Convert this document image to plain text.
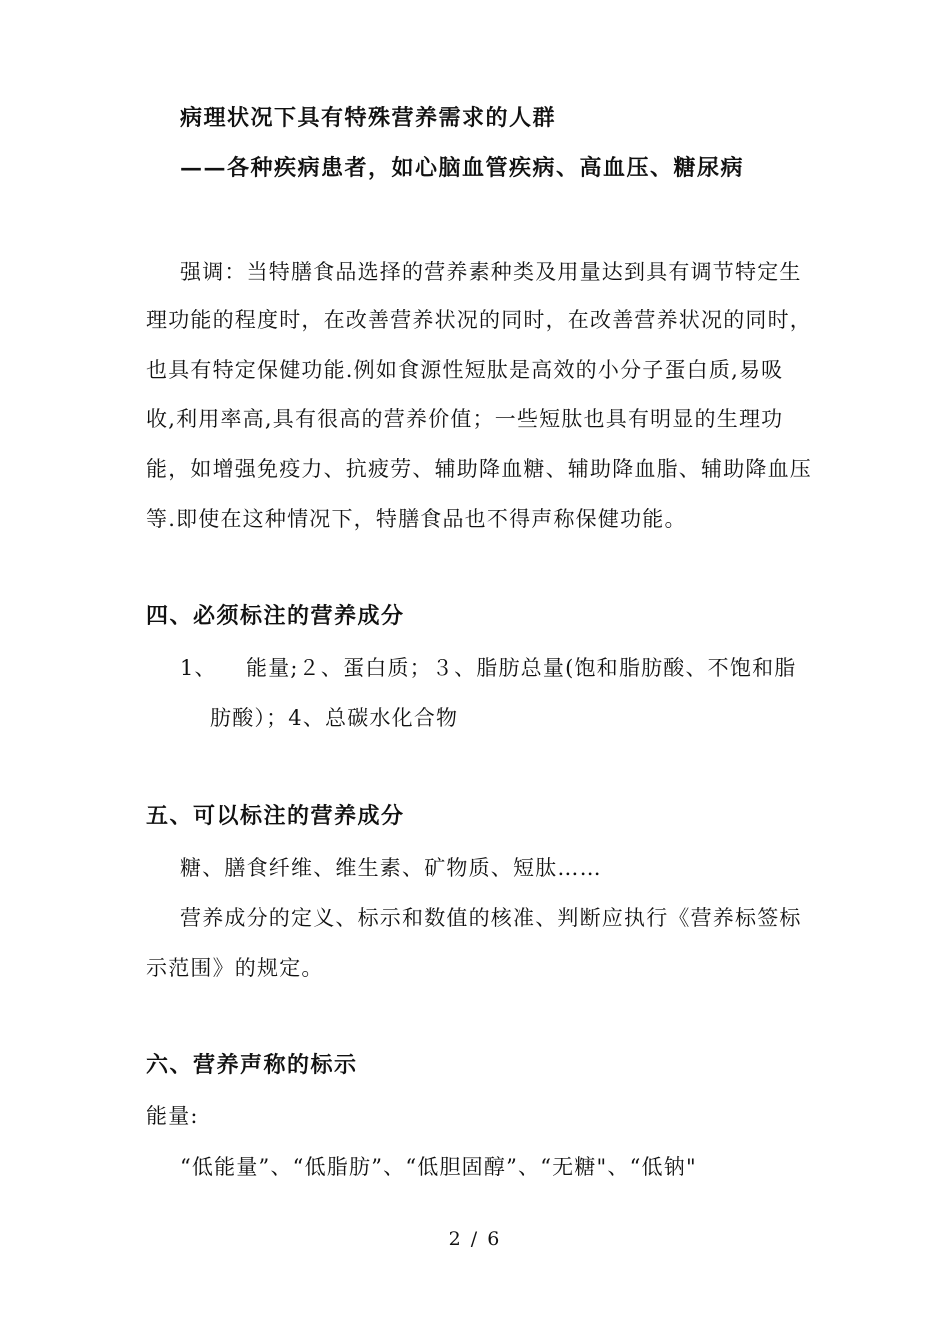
病理状况下具有特殊营养需求的人群
——各种疾病患者，如心脑血管疾病、高血压、糖尿病
强调：当特膳食品选择的营养素种类及用量达到具有调节特定生
理功能的程度时，在改善营养状况的同时，在改善营养状况的同时，
也具有特定保健功能.例如食源性短肽是高效的小分子蛋白质,易吸
收,利用率高,具有很高的营养价值；一些短肽也具有明显的生理功
能，如增强免疫力、抗疲劳、辅助降血糖、辅助降血脂、辅助降血压
等.即使在这种情况下，特膳食品也不得声称保健功能。
四、必须标注的营养成分
1、 能量;２、蛋白质；３、脂肪总量(饱和脂肪酸、不饱和脂
肪酸）；4、总碳水化合物
五、可以标注的营养成分
糖、膳食纤维、维生素、矿物质、短肽……
营养成分的定义、标示和数值的核准、判断应执行《营养标签标
示范围》的规定。
六、营养声称的标示
能量:
“低能量”、“低脂肪”、“低胆固醇”、“无糖"、“低钠"
2 / 6
